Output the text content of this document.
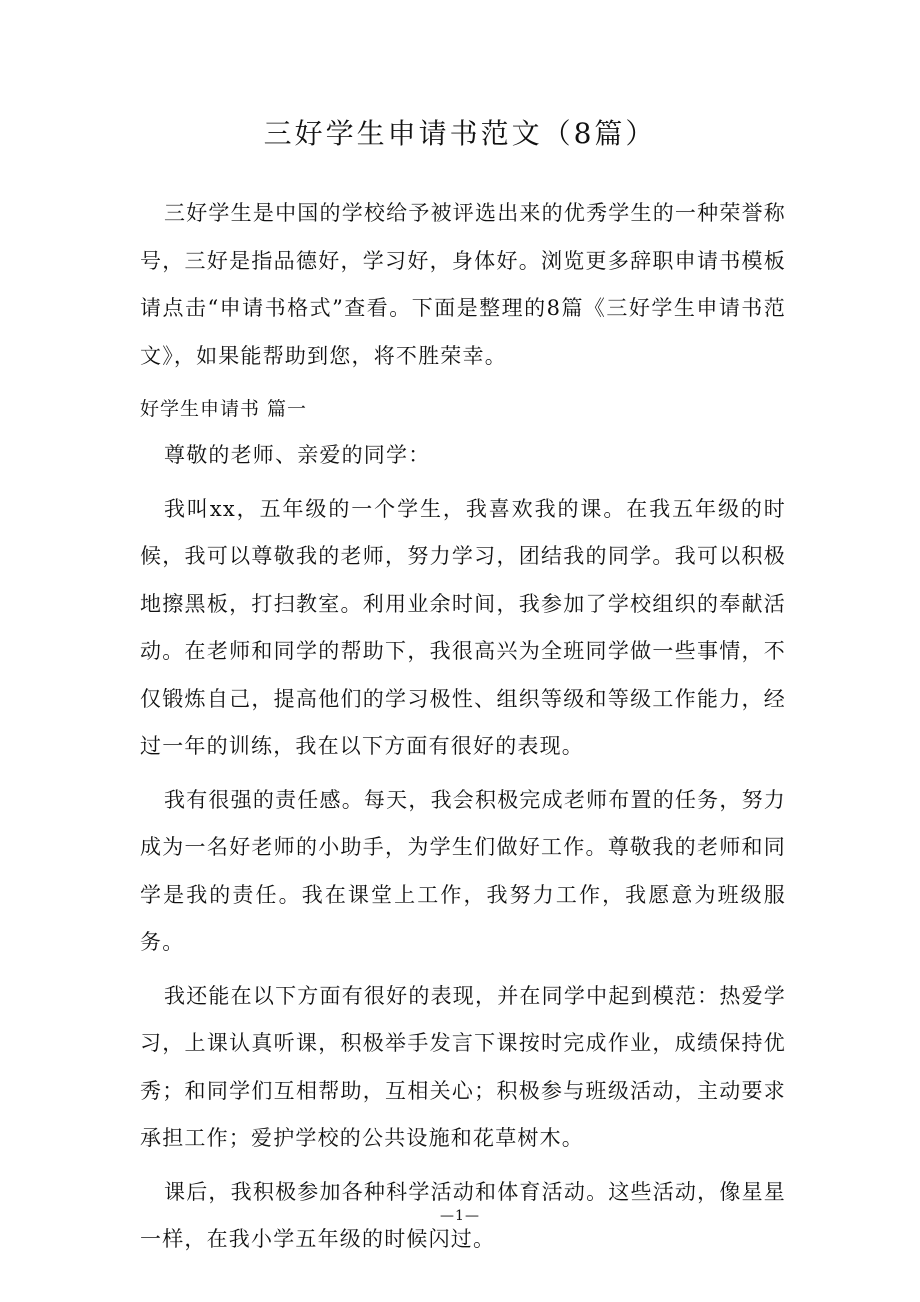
三好学生申请书范文（8篇）

三好学生是中国的学校给予被评选出来的优秀学生的一种荣誉称号，三好是指品德好，学习好，身体好。浏览更多辞职申请书模板请点击“申请书格式”查看。下面是整理的8篇《三好学生申请书范文》，如果能帮助到您，将不胜荣幸。

好学生申请书 篇一

尊敬的老师、亲爱的同学：

我叫xx，五年级的一个学生，我喜欢我的课。在我五年级的时候，我可以尊敬我的老师，努力学习，团结我的同学。我可以积极地擦黑板，打扫教室。利用业余时间，我参加了学校组织的奉献活动。在老师和同学的帮助下，我很高兴为全班同学做一些事情，不仅锻炼自己，提高他们的学习极性、组织等级和等级工作能力，经过一年的训练，我在以下方面有很好的表现。

我有很强的责任感。每天，我会积极完成老师布置的任务，努力成为一名好老师的小助手，为学生们做好工作。尊敬我的老师和同学是我的责任。我在课堂上工作，我努力工作，我愿意为班级服务。

我还能在以下方面有很好的表现，并在同学中起到模范：热爱学习，上课认真听课，积极举手发言下课按时完成作业，成绩保持优秀；和同学们互相帮助，互相关心；积极参与班级活动，主动要求承担工作；爱护学校的公共设施和花草树木。

课后，我积极参加各种科学活动和体育活动。这些活动，像星星一样，在我小学五年级的时候闪过。

—1—
